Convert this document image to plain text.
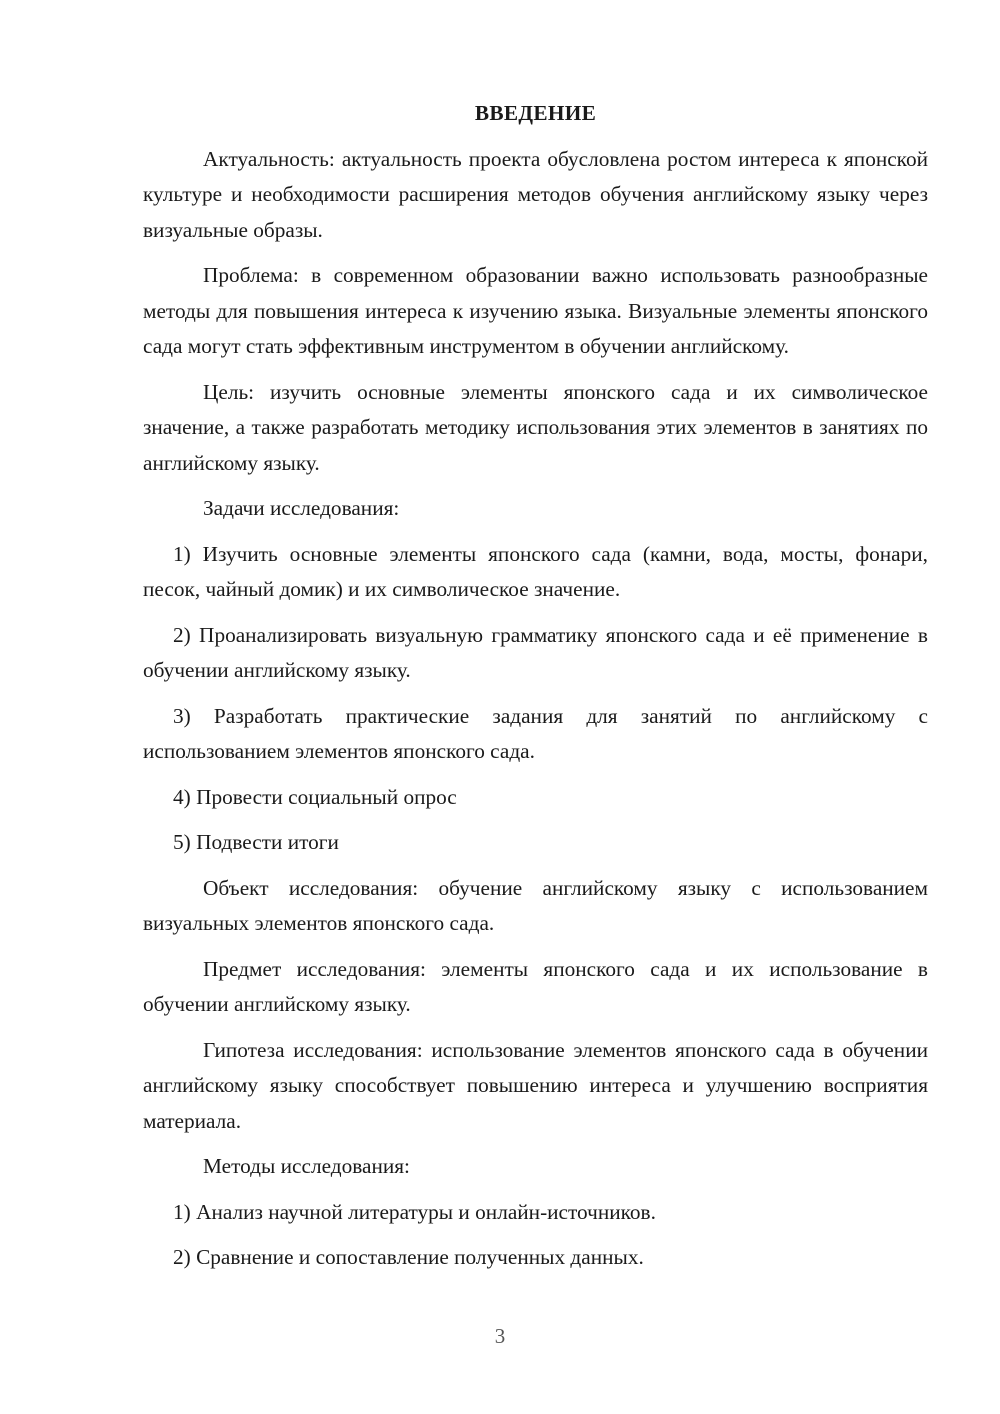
ВВЕДЕНИЕ
Актуальность: актуальность проекта обусловлена ростом интереса к японской культуре и необходимости расширения методов обучения английскому языку через визуальные образы.
Проблема: в современном образовании важно использовать разнообразные методы для повышения интереса к изучению языка. Визуальные элементы японского сада могут стать эффективным инструментом в обучении английскому.
Цель: изучить основные элементы японского сада и их символическое значение, а также разработать методику использования этих элементов в занятиях по английскому языку.
Задачи исследования:
1) Изучить основные элементы японского сада (камни, вода, мосты, фонари, песок, чайный домик) и их символическое значение.
2) Проанализировать визуальную грамматику японского сада и её применение в обучении английскому языку.
3) Разработать практические задания для занятий по английскому с использованием элементов японского сада.
4) Провести социальный опрос
5) Подвести итоги
Объект исследования: обучение английскому языку с использованием визуальных элементов японского сада.
Предмет исследования: элементы японского сада и их использование в обучении английскому языку.
Гипотеза исследования: использование элементов японского сада в обучении английскому языку способствует повышению интереса и улучшению восприятия материала.
Методы исследования:
1) Анализ научной литературы и онлайн-источников.
2) Сравнение и сопоставление полученных данных.
3
